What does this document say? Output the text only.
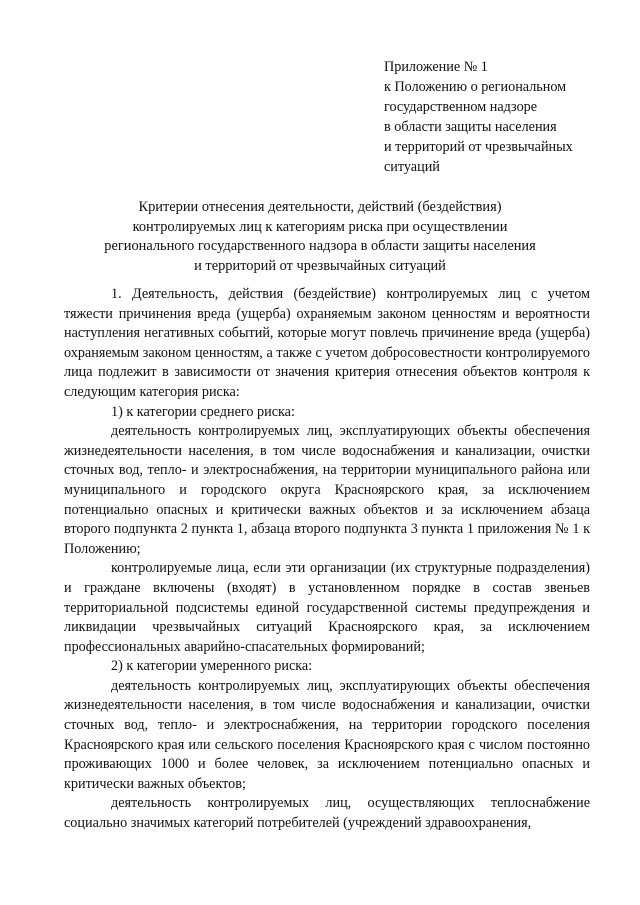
Приложение № 1
к Положению о региональном
государственном надзоре
в области защиты населения
и территорий от чрезвычайных
ситуаций
Критерии отнесения деятельности, действий (бездействия)
контролируемых лиц к категориям риска при осуществлении
регионального государственного надзора в области защиты населения
и территорий от чрезвычайных ситуаций

1. Деятельность, действия (бездействие) контролируемых лиц с учетом тяжести причинения вреда (ущерба) охраняемым законом ценностям и вероятности наступления негативных событий, которые могут повлечь причинение вреда (ущерба) охраняемым законом ценностям, а также с учетом добросовестности контролируемого лица подлежит в зависимости от значения критерия отнесения объектов контроля к следующим категория риска:

1) к категории среднего риска:

деятельность контролируемых лиц, эксплуатирующих объекты обеспечения жизнедеятельности населения, в том числе водоснабжения и канализации, очистки сточных вод, тепло- и электроснабжения, на территории муниципального района или муниципального и городского округа Красноярского края, за исключением потенциально опасных и критически важных объектов и за исключением абзаца второго подпункта 2 пункта 1, абзаца второго подпункта 3 пункта 1 приложения № 1 к Положению;

контролируемые лица, если эти организации (их структурные подразделения) и граждане включены (входят) в установленном порядке в состав звеньев территориальной подсистемы единой государственной системы предупреждения и ликвидации чрезвычайных ситуаций Красноярского края, за исключением профессиональных аварийно-спасательных формирований;

2) к категории умеренного риска:

деятельность контролируемых лиц, эксплуатирующих объекты обеспечения жизнедеятельности населения, в том числе водоснабжения и канализации, очистки сточных вод, тепло- и электроснабжения, на территории городского поселения Красноярского края или сельского поселения Красноярского края с числом постоянно проживающих 1000 и более человек, за исключением потенциально опасных и критически важных объектов;

деятельность контролируемых лиц, осуществляющих теплоснабжение социально значимых категорий потребителей (учреждений здравоохранения,
